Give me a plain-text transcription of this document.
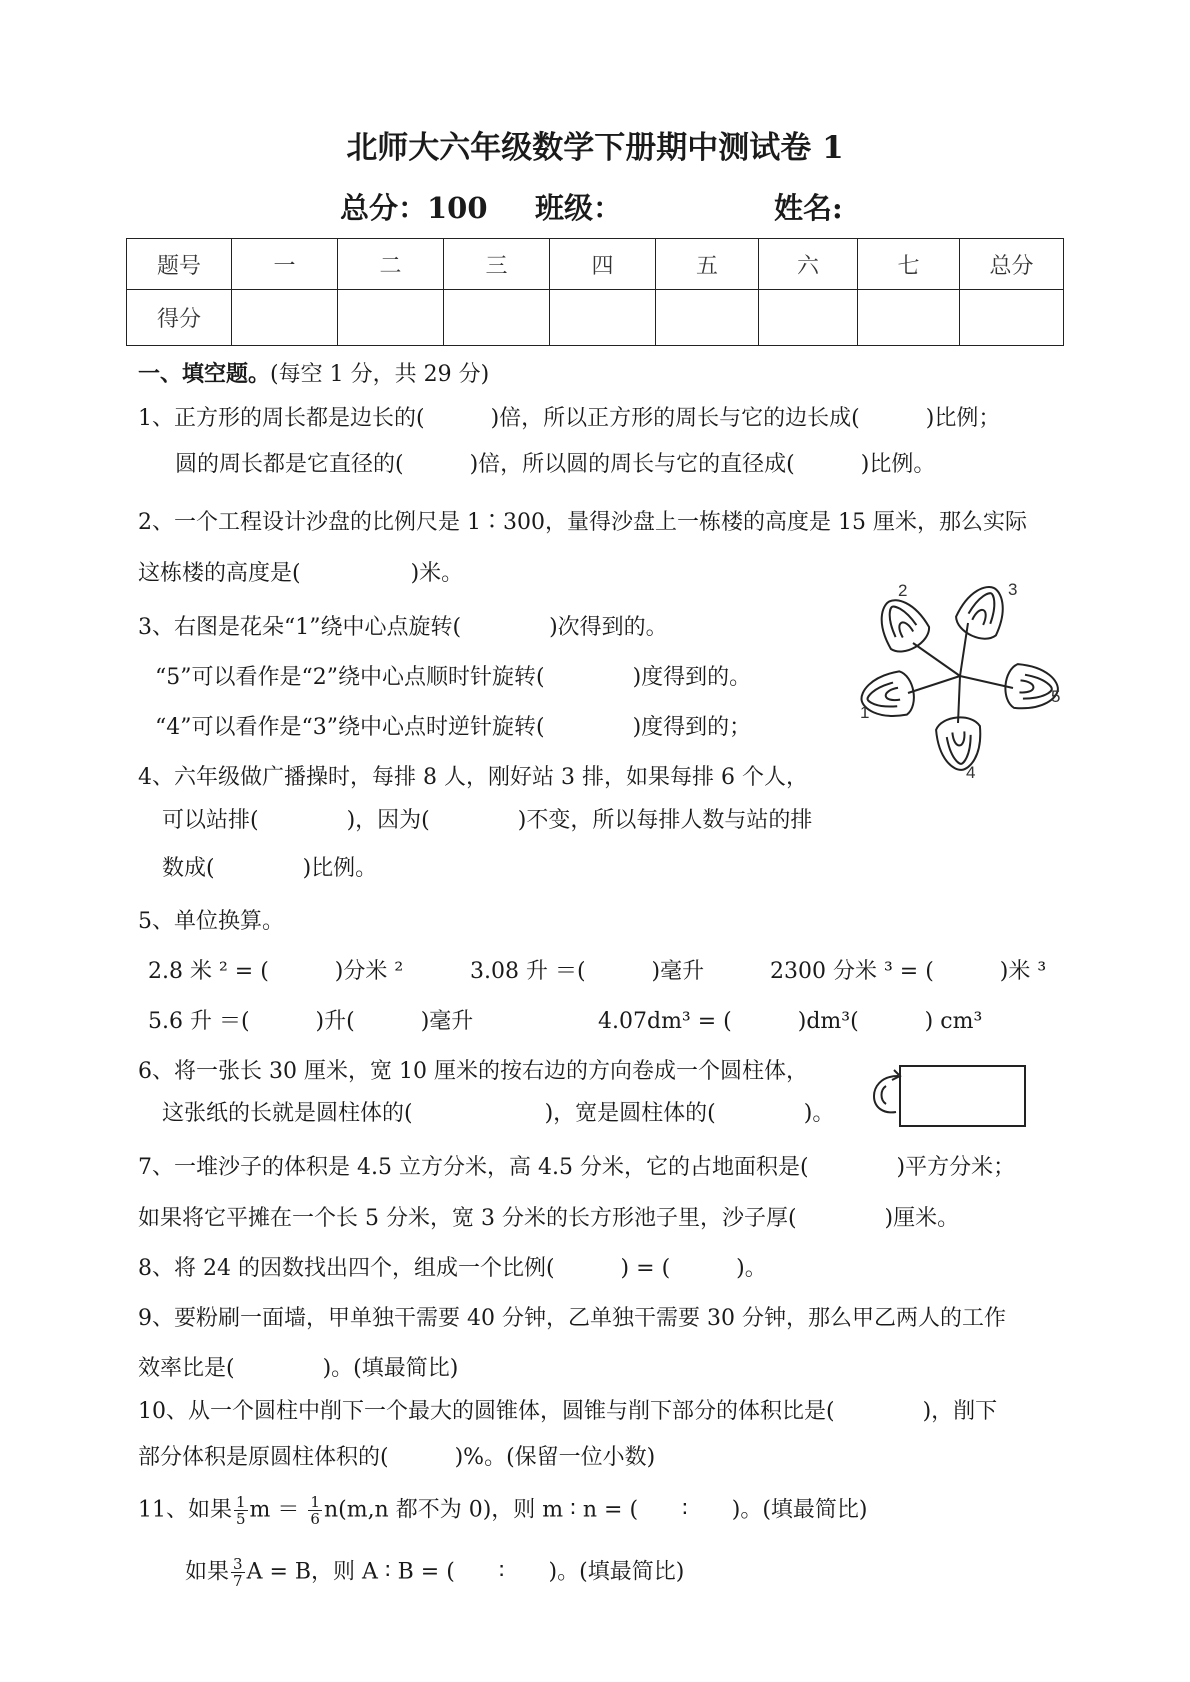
北师大六年级数学下册期中测试卷 1
总分：100 班级：	姓名:
题号	一	二	三	四	五	六	七	总分
得分								
一、填空题。(每空 1 分，共 29 分)
1、正方形的周长都是边长的(　　　)倍，所以正方形的周长与它的边长成(　　　)比例；
圆的周长都是它直径的(　　　)倍，所以圆的周长与它的直径成(　　　)比例。
2、一个工程设计沙盘的比例尺是 1∶300，量得沙盘上一栋楼的高度是 15 厘米，那么实际
这栋楼的高度是(　　　　　)米。
3、右图是花朵“1”绕中心点旋转(　　　　)次得到的。
“5”可以看作是“2”绕中心点顺时针旋转(　　　　)度得到的。
“4”可以看作是“3”绕中心点时逆针旋转(　　　　)度得到的；
1
2	3
4
5
4、六年级做广播操时，每排 8 人，刚好站 3 排，如果每排 6 个人，
可以站排(　　　　)，因为(　　　　)不变，所以每排人数与站的排
数成(　　　　)比例。
5、单位换算。
2.8 米 ² = (　　　)分米 ²	3.08 升 ＝(　　　)毫升	2300 分米 ³ = (　　　)米 ³
5.6 升 ＝(　　　)升(　　　)毫升	4.07dm³ = (　　　)dm³(　　　) cm³
6、将一张长 30 厘米，宽 10 厘米的按右边的方向卷成一个圆柱体，
这张纸的长就是圆柱体的(　　　　　　)，宽是圆柱体的(　　　　)。
7、一堆沙子的体积是 4.5 立方分米，高 4.5 分米，它的占地面积是(　　　　)平方分米；
如果将它平摊在一个长 5 分米，宽 3 分米的长方形池子里，沙子厚(　　　　)厘米。
8、将 24 的因数找出四个，组成一个比例(　　　) = (　　　)。
9、要粉刷一面墙，甲单独干需要 40 分钟，乙单独干需要 30 分钟，那么甲乙两人的工作
效率比是(　　　　)。(填最简比)
10、从一个圆柱中削下一个最大的圆锥体，圆锥与削下部分的体积比是(　　　　)，削下
部分体积是原圆柱体积的(　　　)%。(保留一位小数)
11、如果 $\frac{1}{5}$ $m = \frac{1}{6} n(m,n$ 都不为 0)，则 m ∶ n = (　　∶　　)。(填最简比)
如果 $\frac{3}{7}$ A = B，则 A ∶ B = (　　∶　　)。(填最简比)
